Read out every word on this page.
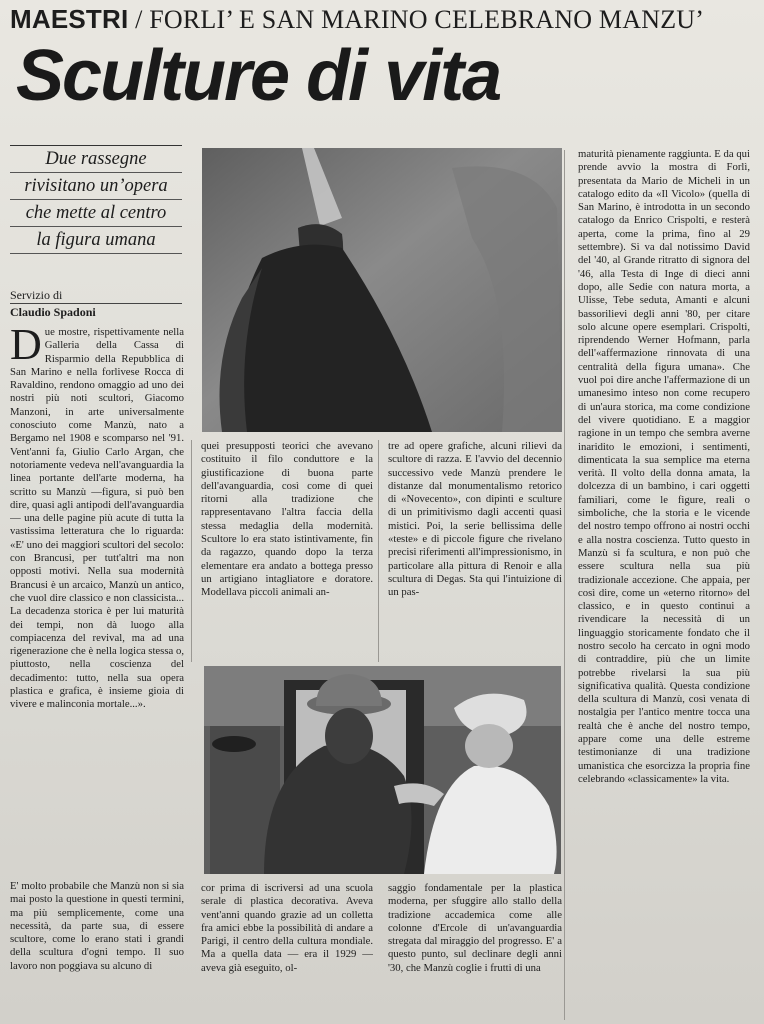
MAESTRI / FORLI’ E SAN MARINO CELEBRANO MANZU’
Sculture di vita
Due rassegne
rivisitano un’opera
che mette al centro
la figura umana
Servizio di
Claudio Spadoni

Due mostre, rispettivamente nella Galleria della Cassa di Risparmio della Repubblica di San Marino e nella forlivese Rocca di Ravaldino, rendono omaggio ad uno dei nostri più noti scultori, Giacomo Manzoni, in arte universalmente conosciuto come Manzù, nato a Bergamo nel 1908 e scomparso nel '91. Vent'anni fa, Giulio Carlo Argan, che notoriamente vedeva nell'avanguardia la linea portante dell'arte moderna, ha scritto su Manzù —figura, si può ben dire, quasi agli antipodi dell'avanguardia — una delle pagine più acute di tutta la vastissima letteratura che lo riguarda: «E' uno dei maggiori scultori del secolo: con Brancusi, per tutt'altri ma non opposti motivi. Nella sua modernità Brancusi è un arcaico, Manzù un antico, che vuol dire classico e non classicista... La decadenza storica è per lui maturità dei tempi, non dà luogo alla compiacenza del revival, ma ad una rigenerazione che è nella logica stessa o, piuttosto, nella coscienza del decadimento: tutto, nella sua opera plastica e grafica, è insieme gioia di vivere e malinconia mortale...».

E' molto probabile che Manzù non si sia mai posto la questione in questi termini, ma più semplicemente, come una necessità, da parte sua, di essere scultore, come lo erano stati i grandi della scultura d'ogni tempo. Il suo lavoro non poggiava su alcuno di

quei presupposti teorici che avevano costituito il filo conduttore e la giustificazione di buona parte dell'avanguardia, così come di quei ritorni alla tradizione che rappresentavano l'altra faccia della stessa medaglia della modernità. Scultore lo era stato istintivamente, fin da ragazzo, quando dopo la terza elementare era andato a bottega presso un artigiano intagliatore e doratore. Modellava piccoli animali an-

tre ad opere grafiche, alcuni rilievi da scultore di razza. E l'avvio del decennio successivo vede Manzù prendere le distanze dal monumentalismo retorico di «Novecento», con dipinti e sculture di un primitivismo dagli accenti quasi mistici. Poi, la serie bellissima delle «teste» e di piccole figure che rivelano precisi riferimenti all'impressionismo, in particolare alla pittura di Renoir e alla scultura di Degas. Sta qui l'intuizione di un pas-

cor prima di iscriversi ad una scuola serale di plastica decorativa. Aveva vent'anni quando grazie ad un colletta fra amici ebbe la possibilità di andare a Parigi, il centro della cultura mondiale. Ma a quella data — era il 1929 — aveva già eseguito, ol-

saggio fondamentale per la plastica moderna, per sfuggire allo stallo della tradizione accademica come alle colonne d'Ercole di un'avanguardia stregata dal miraggio del progresso. E' a questo punto, sul declinare degli anni '30, che Manzù coglie i frutti di una

maturità pienamente raggiunta. E da qui prende avvio la mostra di Forlì, presentata da Mario de Micheli in un catalogo edito da «Il Vicolo» (quella di San Marino, è introdotta in un secondo catalogo da Enrico Crispolti, e resterà aperta, come la prima, fino al 29 settembre). Si va dal notissimo David del '40, al Grande ritratto di signora del '46, alla Testa di Inge di dieci anni dopo, alle Sedie con natura morta, a Ulisse, Tebe seduta, Amanti e alcuni bassorilievi degli anni '80, per citare solo alcune opere esemplari. Crispolti, riprendendo Werner Hofmann, parla dell'«affermazione rinnovata di una centralità della figura umana». Che vuol poi dire anche l'affermazione di un umanesimo inteso non come recupero di un'aura storica, ma come condizione del vivere quotidiano. E a maggior ragione in un tempo che sembra averne inaridito le emozioni, i sentimenti, dimenticata la sua semplice ma eterna verità. Il volto della donna amata, la dolcezza di un bambino, i cari oggetti familiari, come le figure, reali o simboliche, che la storia e le vicende del nostro tempo offrono ai nostri occhi e alla nostra coscienza. Tutto questo in Manzù si fa scultura, e non può che essere scultura nella sua più tradizionale accezione. Che appaia, per così dire, come un «eterno ritorno» del classico, e in questo continui a rivendicare la necessità di un linguaggio storicamente fondato che il nostro secolo ha cercato in ogni modo di contraddire, più che un limite potrebbe rivelarsi la sua più significativa qualità. Questa condizione della scultura di Manzù, così venata di nostalgia per l'antico mentre tocca una realtà che è anche del nostro tempo, appare come una delle estreme testimonianze di una tradizione umanistica che esorcizza la propria fine celebrando «classicamente» la vita.
